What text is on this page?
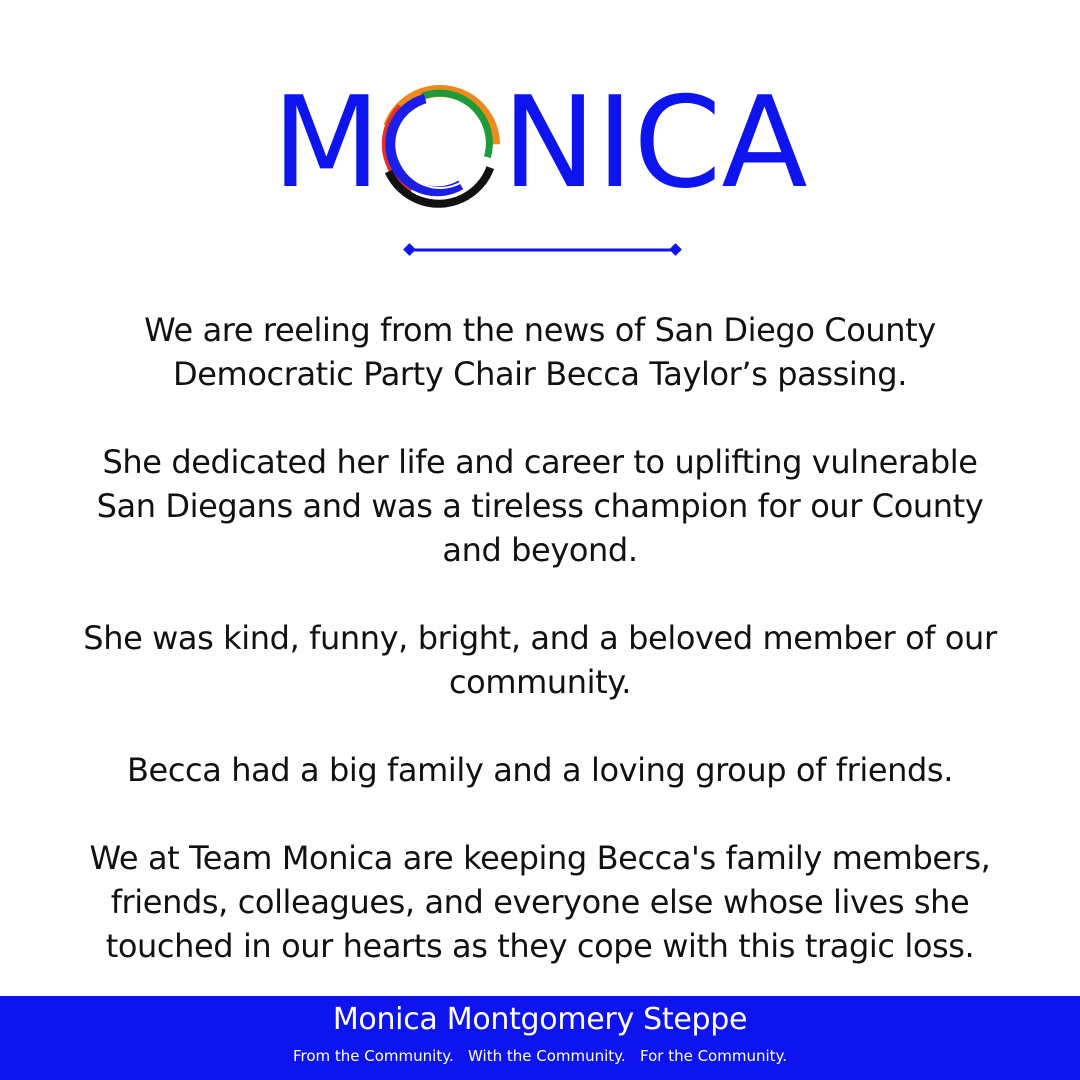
M NICA

We are reeling from the news of San Diego County
Democratic Party Chair Becca Taylor’s passing.

She dedicated her life and career to uplifting vulnerable
San Diegans and was a tireless champion for our County
and beyond.

She was kind, funny, bright, and a beloved member of our
community.

Becca had a big family and a loving group of friends.

We at Team Monica are keeping Becca's family members,
friends, colleagues, and everyone else whose lives she
touched in our hearts as they cope with this tragic loss.

Monica Montgomery Steppe
From the Community.   With the Community.   For the Community.
